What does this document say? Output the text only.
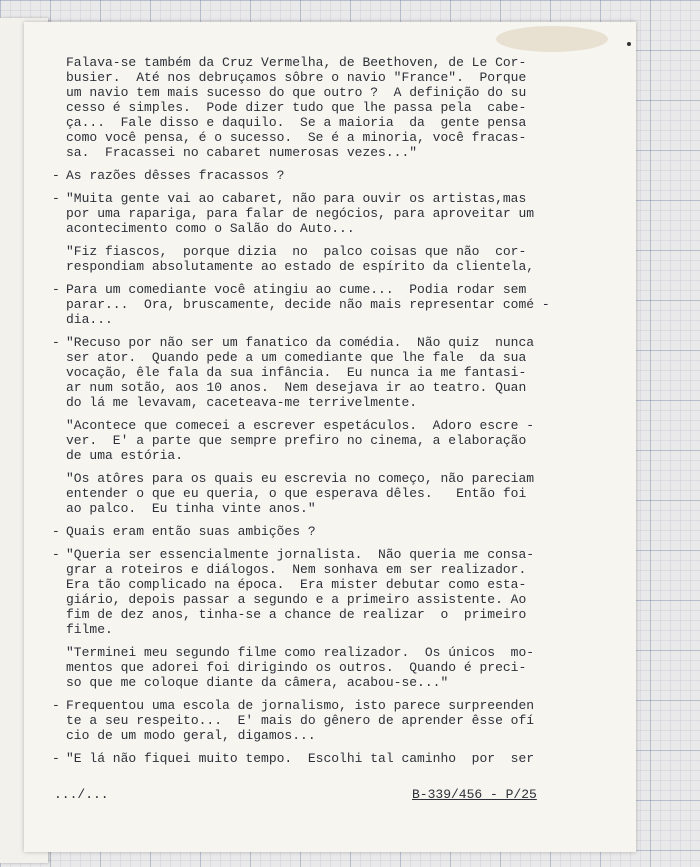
Falava-se também da Cruz Vermelha, de Beethoven, de Le Cor-
busier.  Até nos debruçamos sôbre o navio "France".  Porque
um navio tem mais sucesso do que outro ?  A definição do su
cesso é simples.  Pode dizer tudo que lhe passa pela  cabe-
ça...  Fale disso e daquilo.  Se a maioria  da  gente pensa
como você pensa, é o sucesso.  Se é a minoria, você fracas-
sa.  Fracassei no cabaret numerosas vezes..."
- As razões dêsses fracassos ?
- "Muita gente vai ao cabaret, não para ouvir os artistas,mas
por uma rapariga, para falar de negócios, para aproveitar um
acontecimento como o Salão do Auto...
"Fiz fiascos,  porque dizia  no  palco coisas que não  cor-
respondiam absolutamente ao estado de espírito da clientela,
- Para um comediante você atingiu ao cume...  Podia rodar sem
parar...  Ora, bruscamente, decide não mais representar comé -
dia...
- "Recuso por não ser um fanatico da comédia.  Não quiz  nunca
ser ator.  Quando pede a um comediante que lhe fale  da sua
vocação, êle fala da sua infância.  Eu nunca ia me fantasi-
ar num sotão, aos 10 anos.  Nem desejava ir ao teatro. Quan
do lá me levavam, caceteava-me terrivelmente.
"Acontece que comecei a escrever espetáculos.  Adoro escre -
ver.  E' a parte que sempre prefiro no cinema, a elaboração
de uma estória.
"Os atôres para os quais eu escrevia no começo, não pareciam
entender o que eu queria, o que esperava dêles.   Então foi
ao palco.  Eu tinha vinte anos."
- Quais eram então suas ambições ?
- "Queria ser essencialmente jornalista.  Não queria me consa-
grar a roteiros e diálogos.  Nem sonhava em ser realizador.
Era tão complicado na época.  Era mister debutar como esta-
giário, depois passar a segundo e a primeiro assistente. Ao
fim de dez anos, tinha-se a chance de realizar  o  primeiro
filme.
"Terminei meu segundo filme como realizador.  Os únicos  mo-
mentos que adorei foi dirigindo os outros.  Quando é preci-
so que me coloque diante da câmera, acabou-se..."
- Frequentou uma escola de jornalismo, isto parece surpreenden
te a seu respeito...  E' mais do gênero de aprender êsse ofí
cio de um modo geral, digamos...
- "E lá não fiquei muito tempo.  Escolhi tal caminho  por  ser
.../...	B-339/456 - P/25
